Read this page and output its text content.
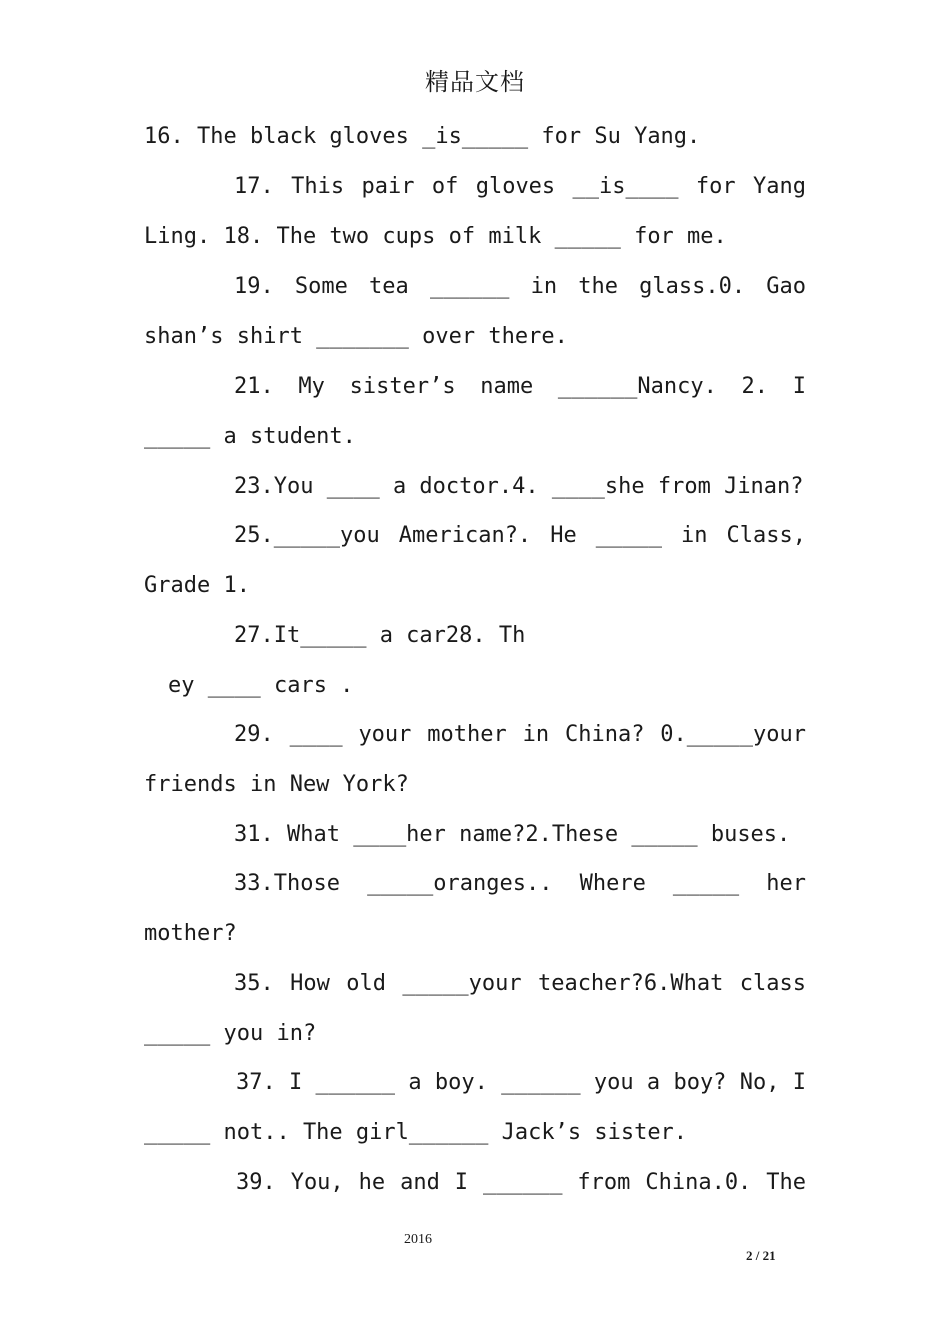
精品文档
16. The black gloves _is_____ for Su Yang.
17. This pair of gloves __is____ for Yang
Ling. 18. The two cups of milk _____ for me.
19. Some tea ______ in the glass.0. Gao
shan’s shirt _______ over there.
21. My sister’s name ______Nancy. 2. I
_____ a student.
23.You ____ a doctor.4. ____she from Jinan?
25._____you American?. He _____ in Class,
Grade 1.
27.It_____ a car28. Th
ey ____ cars .
29. ____ your mother in China? 0._____your
friends in New York?
31. What ____her name?2.These _____ buses.
33.Those _____oranges.. Where _____ her
mother?
35. How old _____your teacher?6.What class
_____ you in?
37. I ______ a boy. ______ you a boy? No, I
_____ not.. The girl______ Jack’s sister.
39. You, he and I ______ from China.0. The
2016
2 / 21
